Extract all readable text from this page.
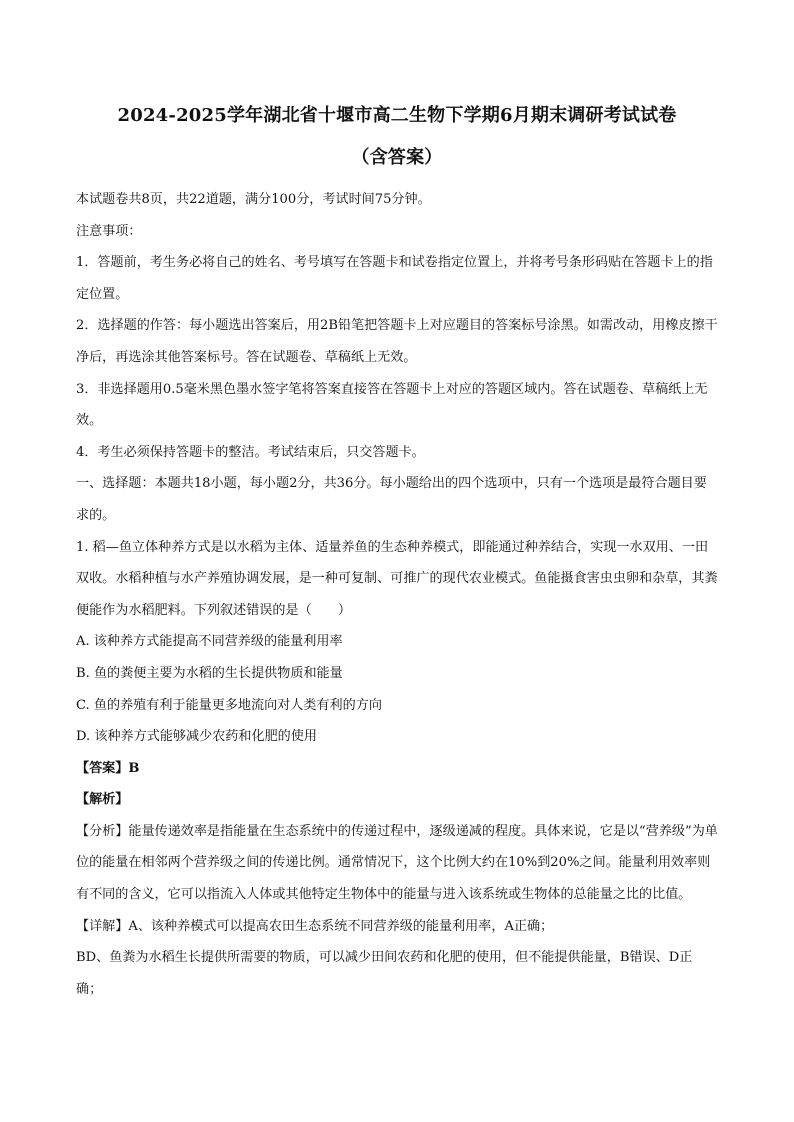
2024-2025学年湖北省十堰市高二生物下学期6月期末调研考试试卷
（含答案）

本试题卷共8页，共22道题，满分100分，考试时间75分钟。

注意事项：

1．答题前，考生务必将自己的姓名、考号填写在答题卡和试卷指定位置上，并将考号条形码贴在答题卡上的指定位置。

2．选择题的作答：每小题选出答案后，用2B铅笔把答题卡上对应题目的答案标号涂黑。如需改动，用橡皮擦干净后，再选涂其他答案标号。答在试题卷、草稿纸上无效。

3．非选择题用0.5毫米黑色墨水签字笔将答案直接答在答题卡上对应的答题区域内。答在试题卷、草稿纸上无效。

4．考生必须保持答题卡的整洁。考试结束后，只交答题卡。

一、选择题：本题共18小题，每小题2分，共36分。每小题给出的四个选项中，只有一个选项是最符合题目要求的。

1. 稻—鱼立体种养方式是以水稻为主体、适量养鱼的生态种养模式，即能通过种养结合，实现一水双用、一田双收。水稻种植与水产养殖协调发展，是一种可复制、可推广的现代农业模式。鱼能摄食害虫虫卵和杂草，其粪便能作为水稻肥料。下列叙述错误的是（　　）

A. 该种养方式能提高不同营养级的能量利用率

B. 鱼的粪便主要为水稻的生长提供物质和能量

C. 鱼的养殖有利于能量更多地流向对人类有利的方向

D. 该种养方式能够减少农药和化肥的使用

【答案】B

【解析】

【分析】能量传递效率是指能量在生态系统中的传递过程中，逐级递减的程度。具体来说，它是以“营养级”为单位的能量在相邻两个营养级之间的传递比例。通常情况下，这个比例大约在10%到20%之间。能量利用效率则有不同的含义，它可以指流入人体或其他特定生物体中的能量与进入该系统或生物体的总能量之比的比值。

【详解】A、该种养模式可以提高农田生态系统不同营养级的能量利用率，A正确；

BD、鱼粪为水稻生长提供所需要的物质，可以减少田间农药和化肥的使用，但不能提供能量，B错误、D正确；
